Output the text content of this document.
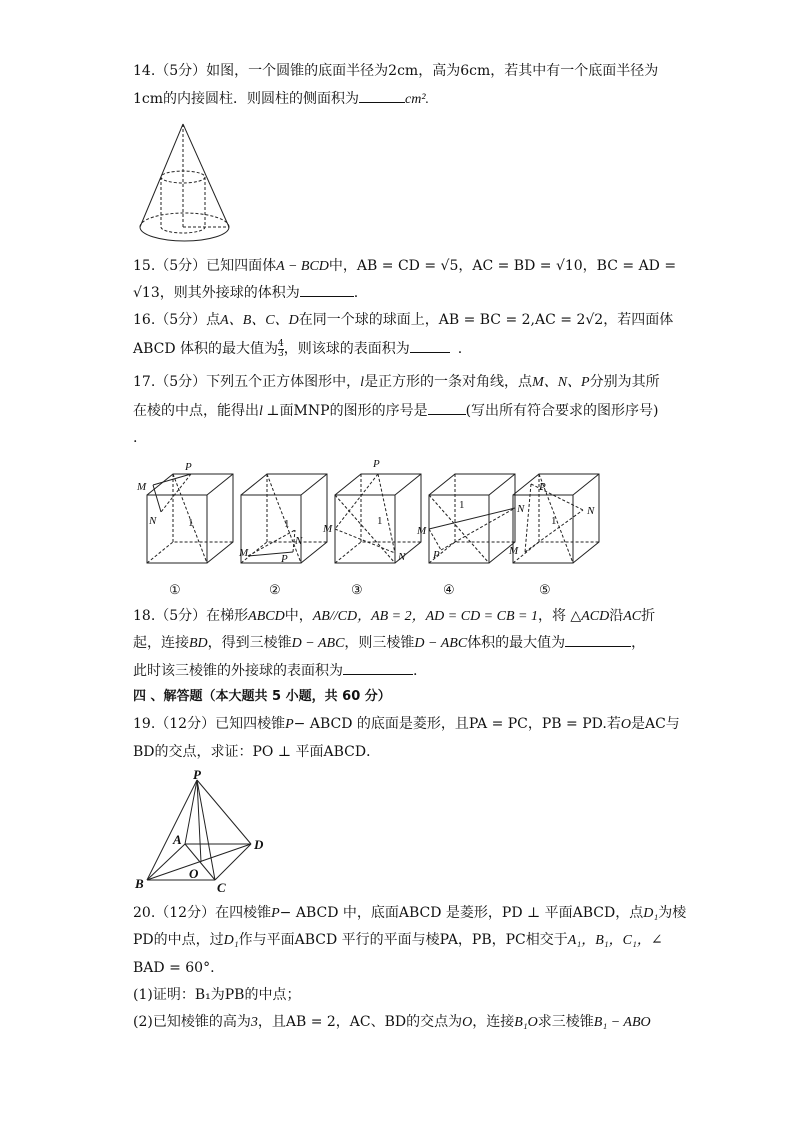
14.（5分）如图，一个圆锥的底面半径为2cm，高为6cm，若其中有一个底面半径为
1cm的内接圆柱．则圆柱的侧面积为	cm².
15.（5分）已知四面体A − BCD中，AB = CD = √5，AC = BD = √10，BC = AD =
√13，则其外接球的体积为	.
16.（5分）点A、B、C、D在同一个球的球面上，AB = BC = 2,AC = 2√2，若四面体
ABCD 体积的最大值为 $\frac{4}{3}$ ，则该球的表面积为	.
17.（5分）下列五个正方体图形中，l是正方形的一条对角线，点M、N、P分别为其所
在棱的中点，能得出l ⊥面MNP的图形的序号是	(写出所有符合要求的图形序号)
.
M
P
N	1
M	P
N
1
P
M
N
1
1
M
N
P
P
N
1
M
①	②	③	④	⑤
18.（5分）在梯形ABCD中，AB//CD，AB = 2，AD = CD = CB = 1，将 △ACD沿AC折
起，连接BD，得到三棱锥D − ABC，则三棱锥D − ABC体积的最大值为	，
此时该三棱锥的外接球的表面积为	.
四 、解答题（本大题共 5 小题，共 60 分）
19.（12分）已知四棱锥P− ABCD 的底面是菱形，且PA = PC，PB = PD.若O是AC与
BD的交点，求证：PO ⊥ 平面ABCD．
P
A	D
O
B	C
20.（12分）在四棱锥P− ABCD 中，底面ABCD 是菱形，PD ⊥ 平面ABCD，点D₁为棱
PD的中点，过D₁作与平面ABCD 平行的平面与棱PA，PB，PC相交于A₁，B₁，C₁，∠
BAD = 60°.
(1)证明：B₁为PB的中点；
(2)已知棱锥的高为3，且AB = 2，AC、BD的交点为O，连接B₁O求三棱锥B₁ − ABO
